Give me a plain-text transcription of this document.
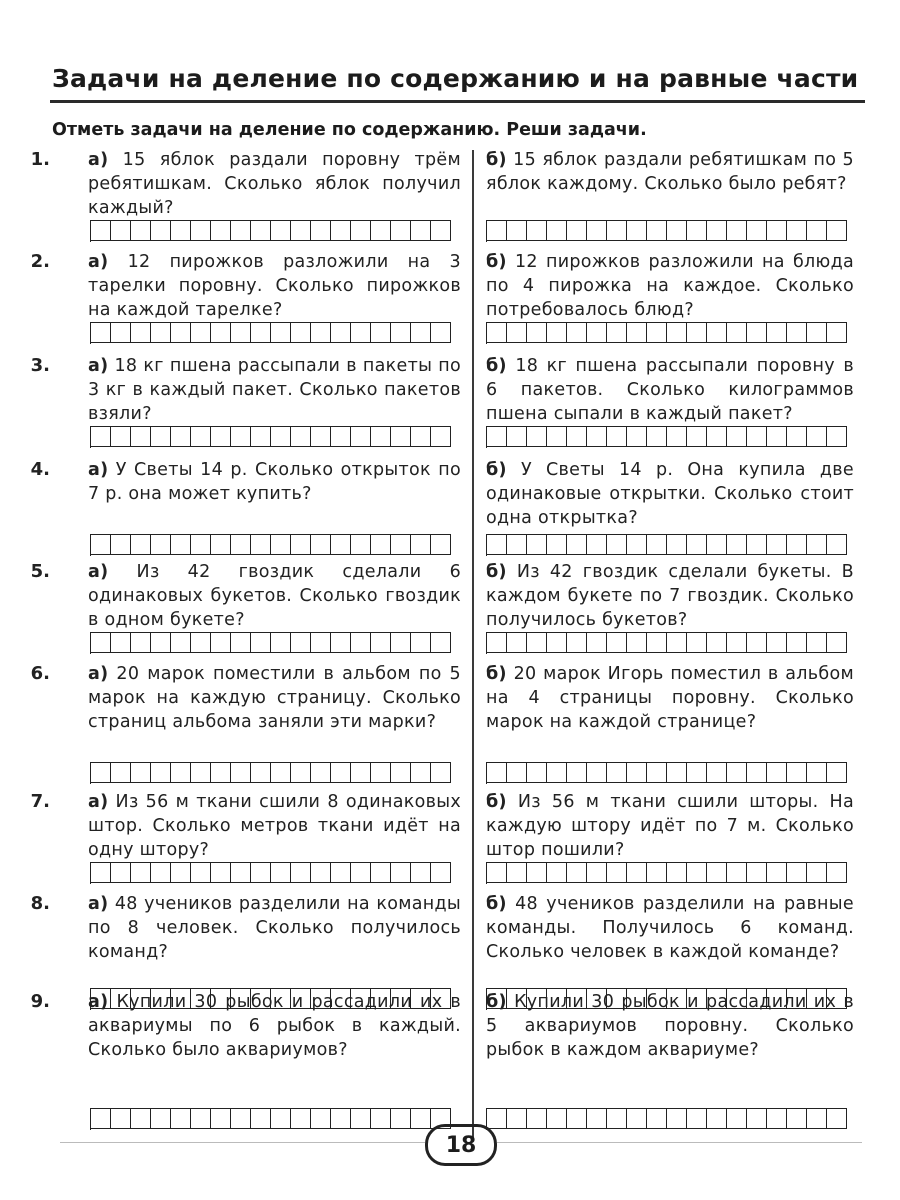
Задачи на деление по содержанию и на равные части
Отметь задачи на деление по содержанию. Реши задачи.
1. а) 15 яблок раздали поровну трём ребятишкам. Сколько яблок получил каждый?
б) 15 яблок раздали ребятишкам по 5 яблок каждому. Сколько было ребят?
2. а) 12 пирожков разложили на 3 тарелки поровну. Сколько пирожков на каждой тарелке?
б) 12 пирожков разложили на блюда по 4 пирожка на каждое. Сколько потребовалось блюд?
3. а) 18 кг пшена рассыпали в пакеты по 3 кг в каждый пакет. Сколько пакетов взяли?
б) 18 кг пшена рассыпали поровну в 6 пакетов. Сколько килограммов пшена сыпали в каждый пакет?
4. а) У Светы 14 р. Сколько открыток по 7 р. она может купить?
б) У Светы 14 р. Она купила две одинаковые открытки. Сколько стоит одна открытка?
5. а) Из 42 гвоздик сделали 6 одинаковых букетов. Сколько гвоздик в одном букете?
б) Из 42 гвоздик сделали букеты. В каждом букете по 7 гвоздик. Сколько получилось букетов?
6. а) 20 марок поместили в альбом по 5 марок на каждую страницу. Сколько страниц альбома заняли эти марки?
б) 20 марок Игорь поместил в альбом на 4 страницы поровну. Сколько марок на каждой странице?
7. а) Из 56 м ткани сшили 8 одинаковых штор. Сколько метров ткани идёт на одну штору?
б) Из 56 м ткани сшили шторы. На каждую штору идёт по 7 м. Сколько штор пошили?
8. а) 48 учеников разделили на команды по 8 человек. Сколько получилось команд?
б) 48 учеников разделили на равные команды. Получилось 6 команд. Сколько человек в каждой команде?
9. а) Купили 30 рыбок и рассадили их в аквариумы по 6 рыбок в каждый. Сколько было аквариумов?
б) Купили 30 рыбок и рассадили их в 5 аквариумов поровну. Сколько рыбок в каждом аквариуме?
18
